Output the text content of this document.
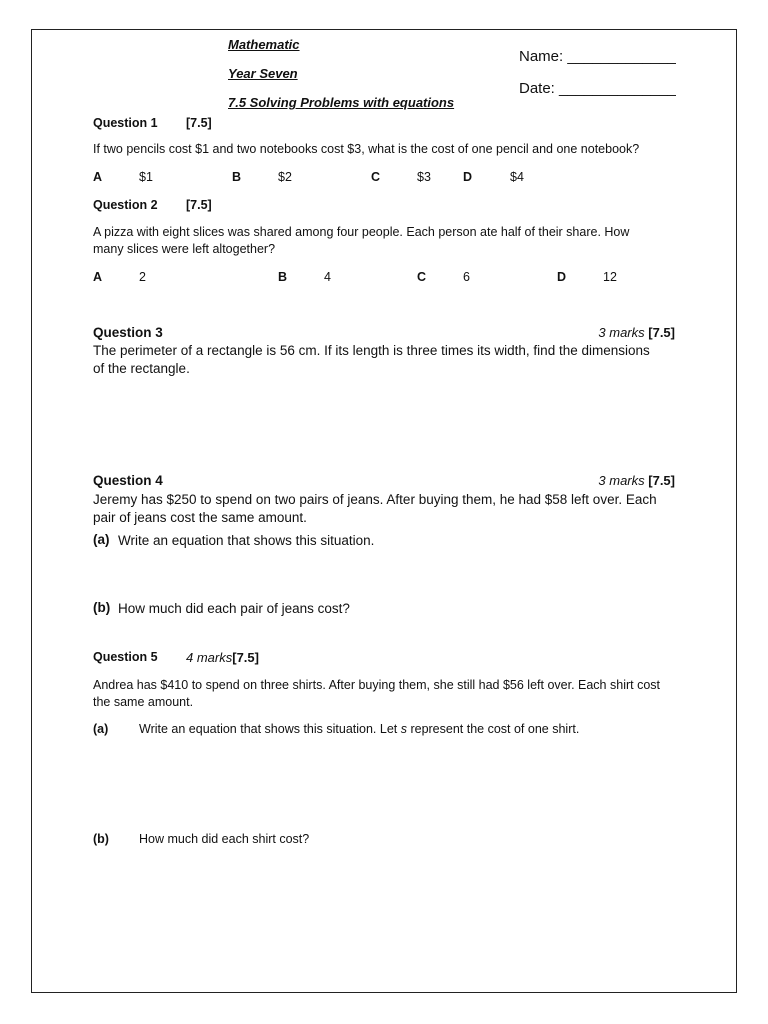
Mathematic
Year Seven
7.5 Solving Problems with equations
Name: _____________
Date: ______________
Question 1 [7.5]
If two pencils cost $1 and two notebooks cost $3, what is the cost of one pencil and one notebook?
A	$1	B	$2	C	$3	D	$4
Question 2 [7.5]
A pizza with eight slices was shared among four people. Each person ate half of their share. How many slices were left altogether?
A	2	B	4	C	6	D	12
Question 3	3 marks [7.5]
The perimeter of a rectangle is 56 cm. If its length is three times its width, find the dimensions of the rectangle.
Question 4	3 marks [7.5]
Jeremy has $250 to spend on two pairs of jeans. After buying them, he had $58 left over. Each pair of jeans cost the same amount.
(a) Write an equation that shows this situation.
(b) How much did each pair of jeans cost?
Question 5 4 marks[7.5]
Andrea has $410 to spend on three shirts. After buying them, she still had $56 left over. Each shirt cost the same amount.
(a) Write an equation that shows this situation. Let s represent the cost of one shirt.
(b) How much did each shirt cost?
